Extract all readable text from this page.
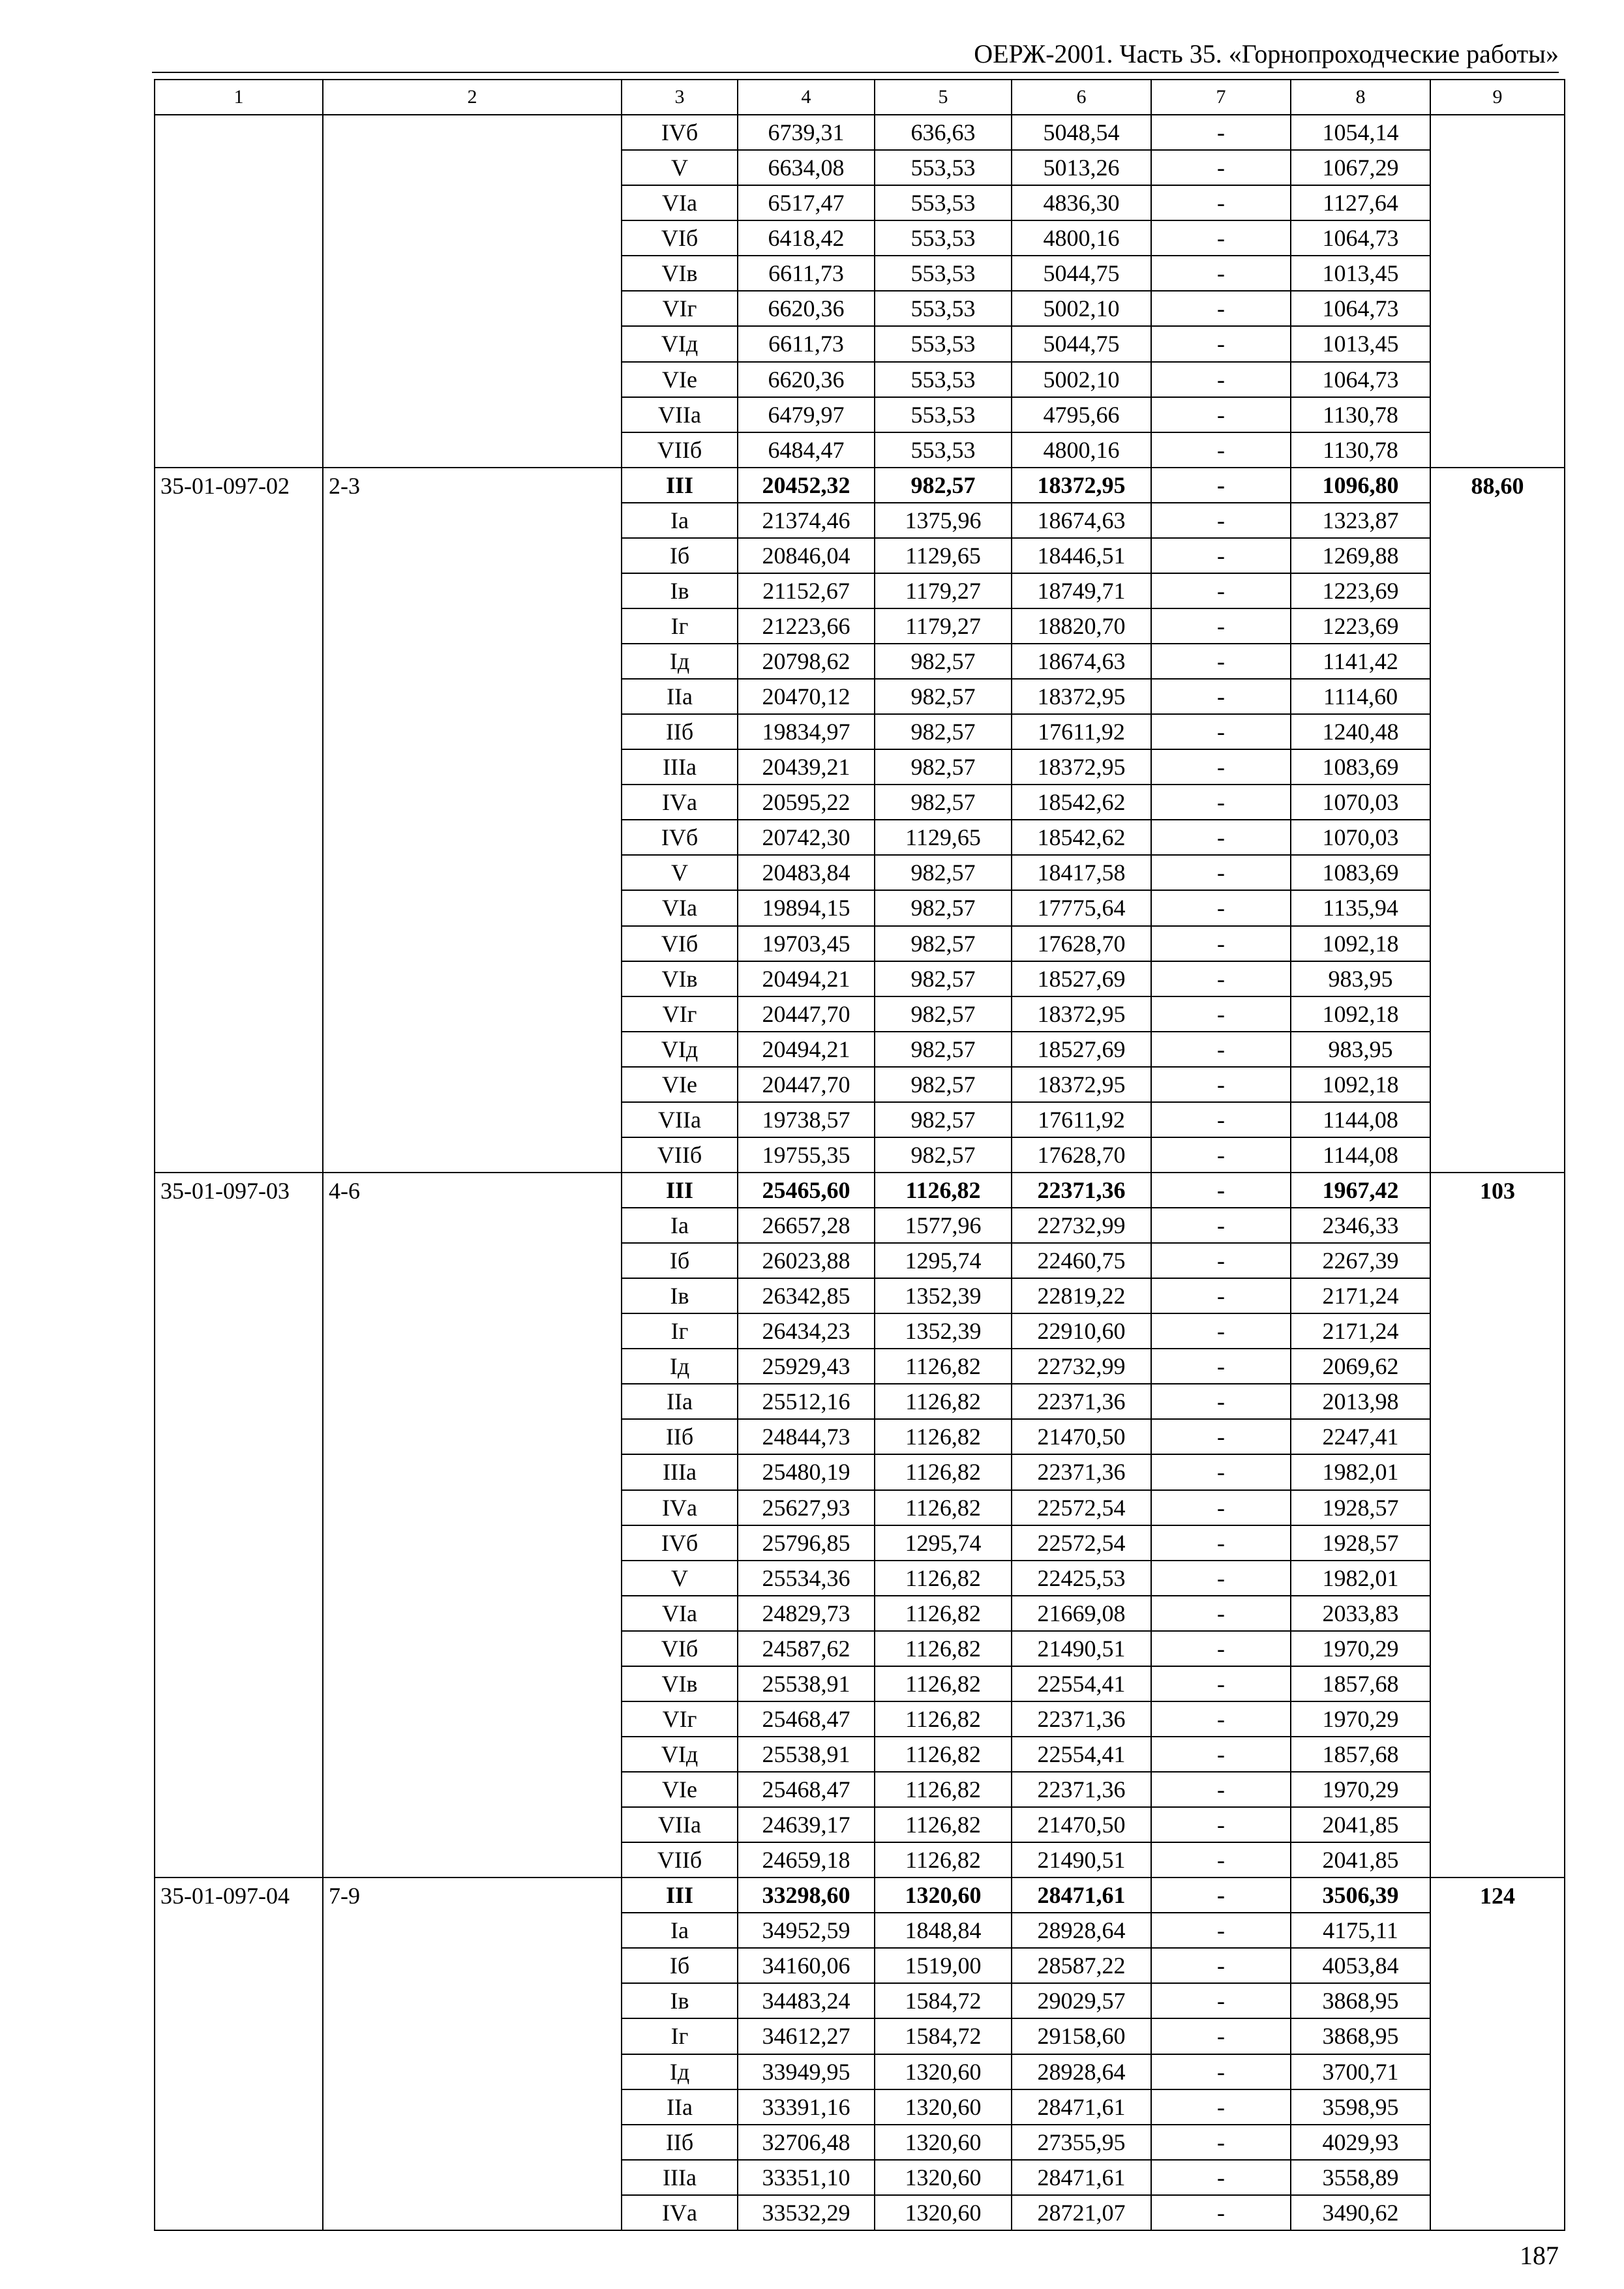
ОЕРЖ-2001. Часть 35. «Горнопроходческие работы»
1	2	3	4	5	6	7	8	9
		IVб	6739,31	636,63	5048,54	-	1054,14	
		V	6634,08	553,53	5013,26	-	1067,29	
		VIа	6517,47	553,53	4836,30	-	1127,64	
		VIб	6418,42	553,53	4800,16	-	1064,73	
		VIв	6611,73	553,53	5044,75	-	1013,45	
		VIг	6620,36	553,53	5002,10	-	1064,73	
		VIд	6611,73	553,53	5044,75	-	1013,45	
		VIе	6620,36	553,53	5002,10	-	1064,73	
		VIIа	6479,97	553,53	4795,66	-	1130,78	
		VIIб	6484,47	553,53	4800,16	-	1130,78	
35-01-097-02	2-3	III	20452,32	982,57	18372,95	-	1096,80	88,60
		Iа	21374,46	1375,96	18674,63	-	1323,87	
		Iб	20846,04	1129,65	18446,51	-	1269,88	
		Iв	21152,67	1179,27	18749,71	-	1223,69	
		Iг	21223,66	1179,27	18820,70	-	1223,69	
		Iд	20798,62	982,57	18674,63	-	1141,42	
		IIа	20470,12	982,57	18372,95	-	1114,60	
		IIб	19834,97	982,57	17611,92	-	1240,48	
		IIIа	20439,21	982,57	18372,95	-	1083,69	
		IVа	20595,22	982,57	18542,62	-	1070,03	
		IVб	20742,30	1129,65	18542,62	-	1070,03	
		V	20483,84	982,57	18417,58	-	1083,69	
		VIа	19894,15	982,57	17775,64	-	1135,94	
		VIб	19703,45	982,57	17628,70	-	1092,18	
		VIв	20494,21	982,57	18527,69	-	983,95	
		VIг	20447,70	982,57	18372,95	-	1092,18	
		VIд	20494,21	982,57	18527,69	-	983,95	
		VIе	20447,70	982,57	18372,95	-	1092,18	
		VIIа	19738,57	982,57	17611,92	-	1144,08	
		VIIб	19755,35	982,57	17628,70	-	1144,08	
35-01-097-03	4-6	III	25465,60	1126,82	22371,36	-	1967,42	103
		Iа	26657,28	1577,96	22732,99	-	2346,33	
		Iб	26023,88	1295,74	22460,75	-	2267,39	
		Iв	26342,85	1352,39	22819,22	-	2171,24	
		Iг	26434,23	1352,39	22910,60	-	2171,24	
		Iд	25929,43	1126,82	22732,99	-	2069,62	
		IIа	25512,16	1126,82	22371,36	-	2013,98	
		IIб	24844,73	1126,82	21470,50	-	2247,41	
		IIIа	25480,19	1126,82	22371,36	-	1982,01	
		IVа	25627,93	1126,82	22572,54	-	1928,57	
		IVб	25796,85	1295,74	22572,54	-	1928,57	
		V	25534,36	1126,82	22425,53	-	1982,01	
		VIа	24829,73	1126,82	21669,08	-	2033,83	
		VIб	24587,62	1126,82	21490,51	-	1970,29	
		VIв	25538,91	1126,82	22554,41	-	1857,68	
		VIг	25468,47	1126,82	22371,36	-	1970,29	
		VIд	25538,91	1126,82	22554,41	-	1857,68	
		VIе	25468,47	1126,82	22371,36	-	1970,29	
		VIIа	24639,17	1126,82	21470,50	-	2041,85	
		VIIб	24659,18	1126,82	21490,51	-	2041,85	
35-01-097-04	7-9	III	33298,60	1320,60	28471,61	-	3506,39	124
		Iа	34952,59	1848,84	28928,64	-	4175,11	
		Iб	34160,06	1519,00	28587,22	-	4053,84	
		Iв	34483,24	1584,72	29029,57	-	3868,95	
		Iг	34612,27	1584,72	29158,60	-	3868,95	
		Iд	33949,95	1320,60	28928,64	-	3700,71	
		IIа	33391,16	1320,60	28471,61	-	3598,95	
		IIб	32706,48	1320,60	27355,95	-	4029,93	
		IIIа	33351,10	1320,60	28471,61	-	3558,89	
		IVа	33532,29	1320,60	28721,07	-	3490,62	
187
